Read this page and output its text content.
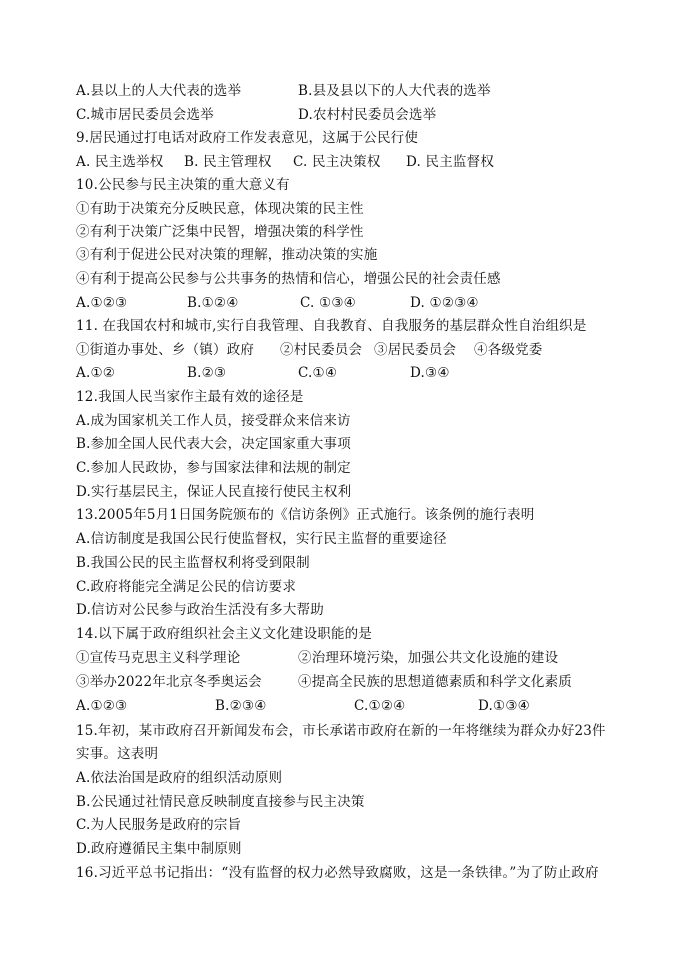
A.县以上的人大代表的选举	B.县及县以下的人大代表的选举
C.城市居民委员会选举	D.农村村民委员会选举
9.居民通过打电话对政府工作发表意见，这属于公民行使
A. 民主选举权 B. 民主管理权 C. 民主决策权 D. 民主监督权
10.公民参与民主决策的重大意义有
①有助于决策充分反映民意，体现决策的民主性
②有利于决策广泛集中民智，增强决策的科学性
③有利于促进公民对决策的理解，推动决策的实施
④有利于提高公民参与公共事务的热情和信心，增强公民的社会责任感
A.①②③	B.①②④	C. ①③④	D. ①②③④
11. 在我国农村和城市,实行自我管理、自我教育、自我服务的基层群众性自治组织是
①街道办事处、乡（镇）政府 ②村民委员会 ③居民委员会 ④各级党委
A.①②	B.②③	C.①④	D.③④
12.我国人民当家作主最有效的途径是
A.成为国家机关工作人员，接受群众来信来访
B.参加全国人民代表大会，决定国家重大事项
C.参加人民政协，参与国家法律和法规的制定
D.实行基层民主，保证人民直接行使民主权利
13.2005年5月1日国务院颁布的《信访条例》正式施行。该条例的施行表明
A.信访制度是我国公民行使监督权，实行民主监督的重要途径
B.我国公民的民主监督权利将受到限制
C.政府将能完全满足公民的信访要求
D.信访对公民参与政治生活没有多大帮助
14.以下属于政府组织社会主义文化建设职能的是
①宣传马克思主义科学理论	②治理环境污染，加强公共文化设施的建设
③举办2022年北京冬季奥运会	④提高全民族的思想道德素质和科学文化素质
A.①②③	B.②③④	C.①②④	D.①③④
15.年初，某市政府召开新闻发布会，市长承诺市政府在新的一年将继续为群众办好23件
实事。这表明
A.依法治国是政府的组织活动原则
B.公民通过社情民意反映制度直接参与民主决策
C.为人民服务是政府的宗旨
D.政府遵循民主集中制原则
16.习近平总书记指出：“没有监督的权力必然导致腐败，这是一条铁律。”为了防止政府
